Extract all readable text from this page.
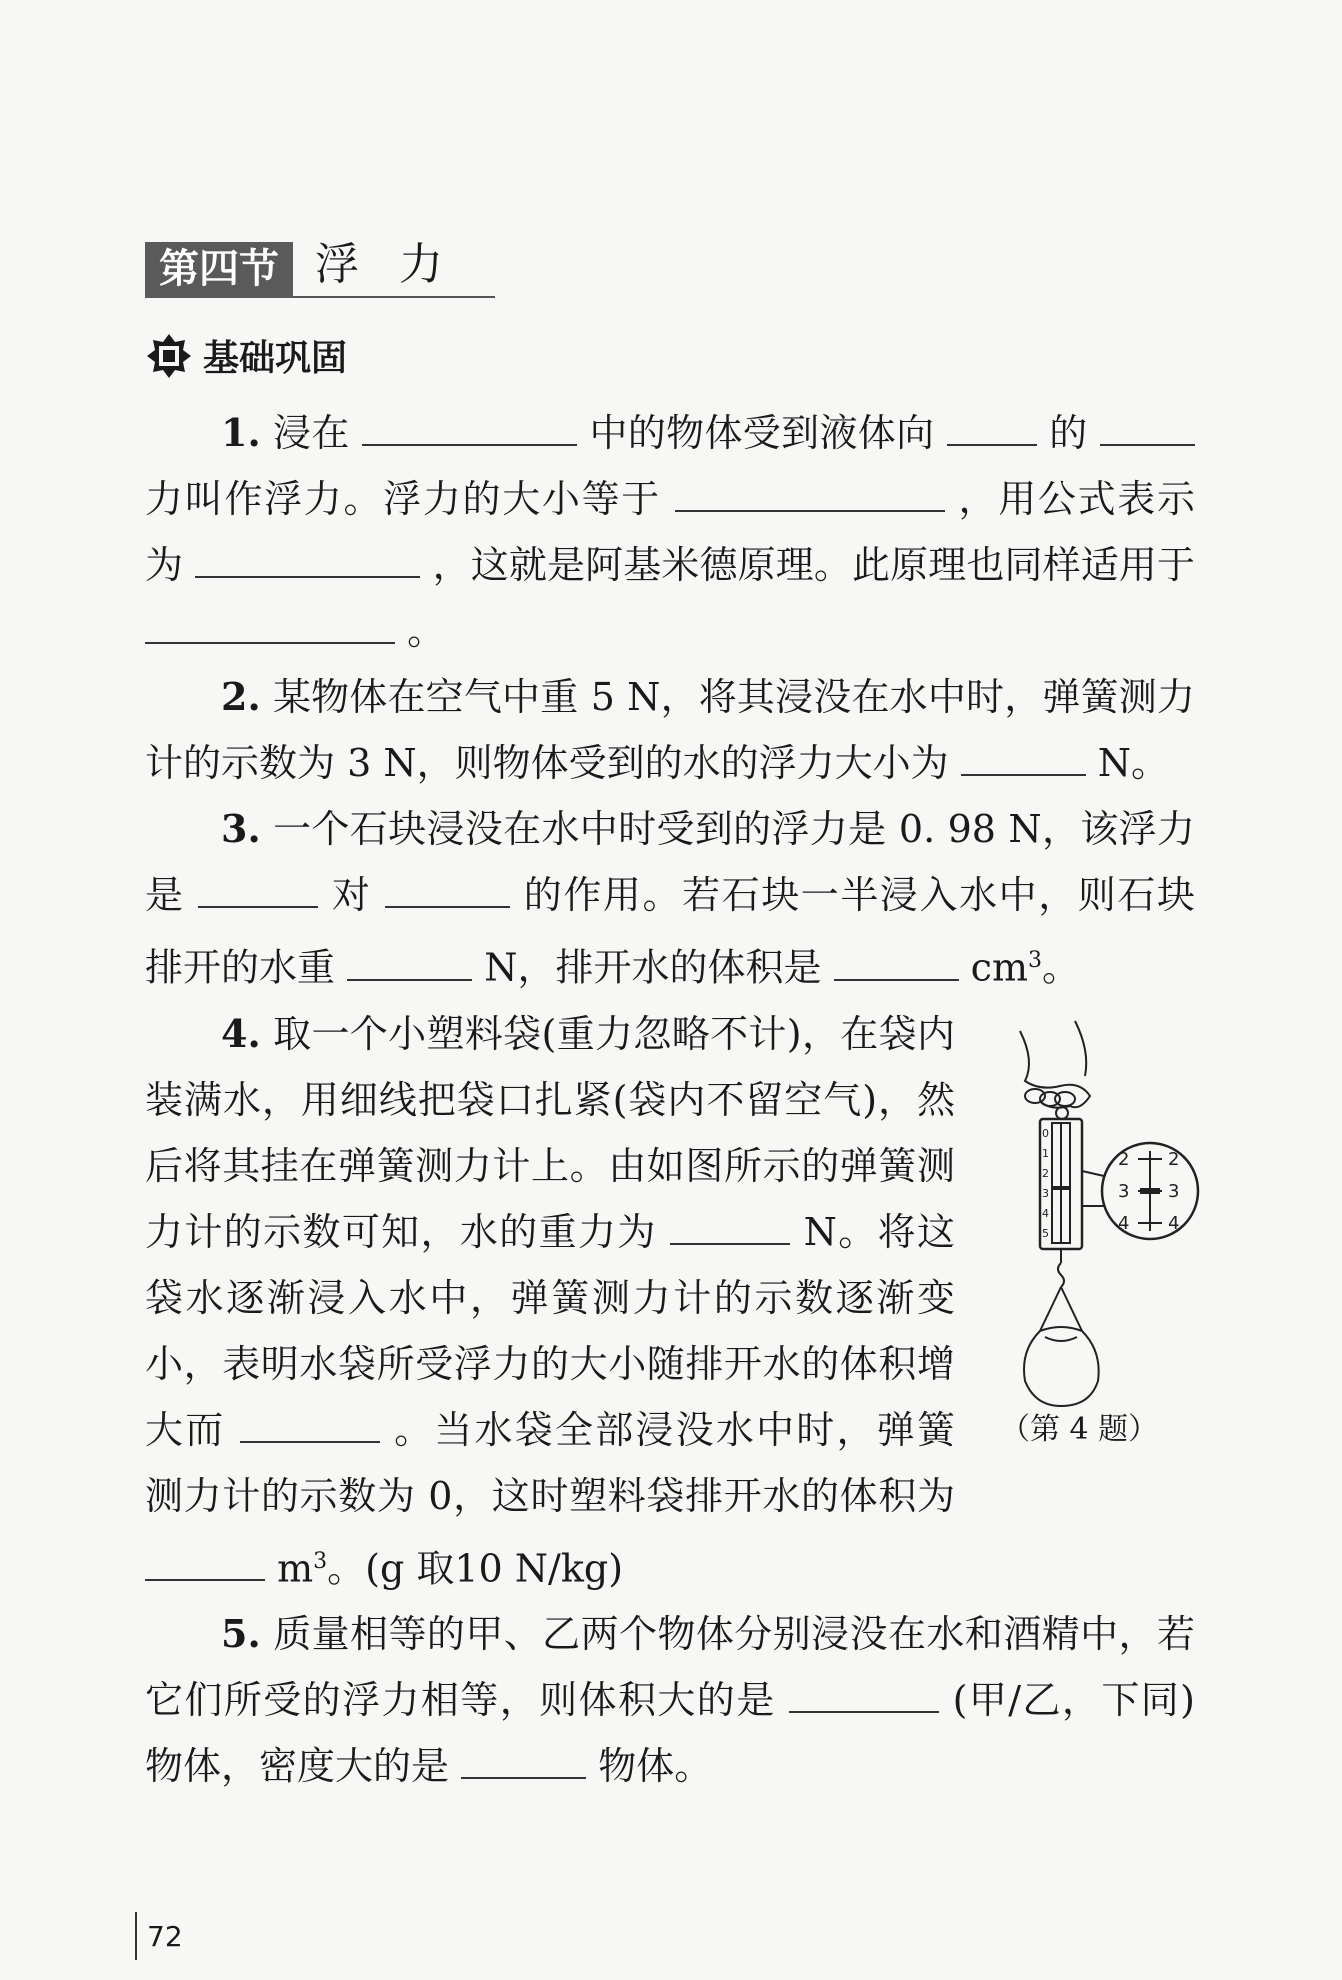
第四节 浮力
基础巩固

1. 浸在	中的物体受到液体向	的  力叫作浮力。浮力的大小等于	，用公式表示为	，这就是阿基米德原理。此原理也同样适用于  。

2. 某物体在空气中重 5 N，将其浸没在水中时，弹簧测力计的示数为 3 N，则物体受到的水的浮力大小为	N。

3. 一个石块浸没在水中时受到的浮力是 0. 98 N，该浮力是	对	的作用。若石块一半浸入水中，则石块排开的水重	N，排开水的体积是	$cm^3$。

4. 取一个小塑料袋(重力忽略不计)，在袋内装满水，用细线把袋口扎紧(袋内不留空气)，然后将其挂在弹簧测力计上。由如图所示的弹簧测力计的示数可知，水的重力为	N。将这袋水逐渐浸入水中，弹簧测力计的示数逐渐变小，表明水袋所受浮力的大小随排开水的体积增大而	。当水袋全部浸没水中时，弹簧测力计的示数为 0，这时塑料袋排开水的体积为  $m^3$。(g 取10 N/kg)

0
1
2
3
4
5
2
3
4
2
3
4
（第 4 题）

5. 质量相等的甲、乙两个物体分别浸没在水和酒精中，若它们所受的浮力相等，则体积大的是	(甲/乙，下同)物体，密度大的是	物体。

72
